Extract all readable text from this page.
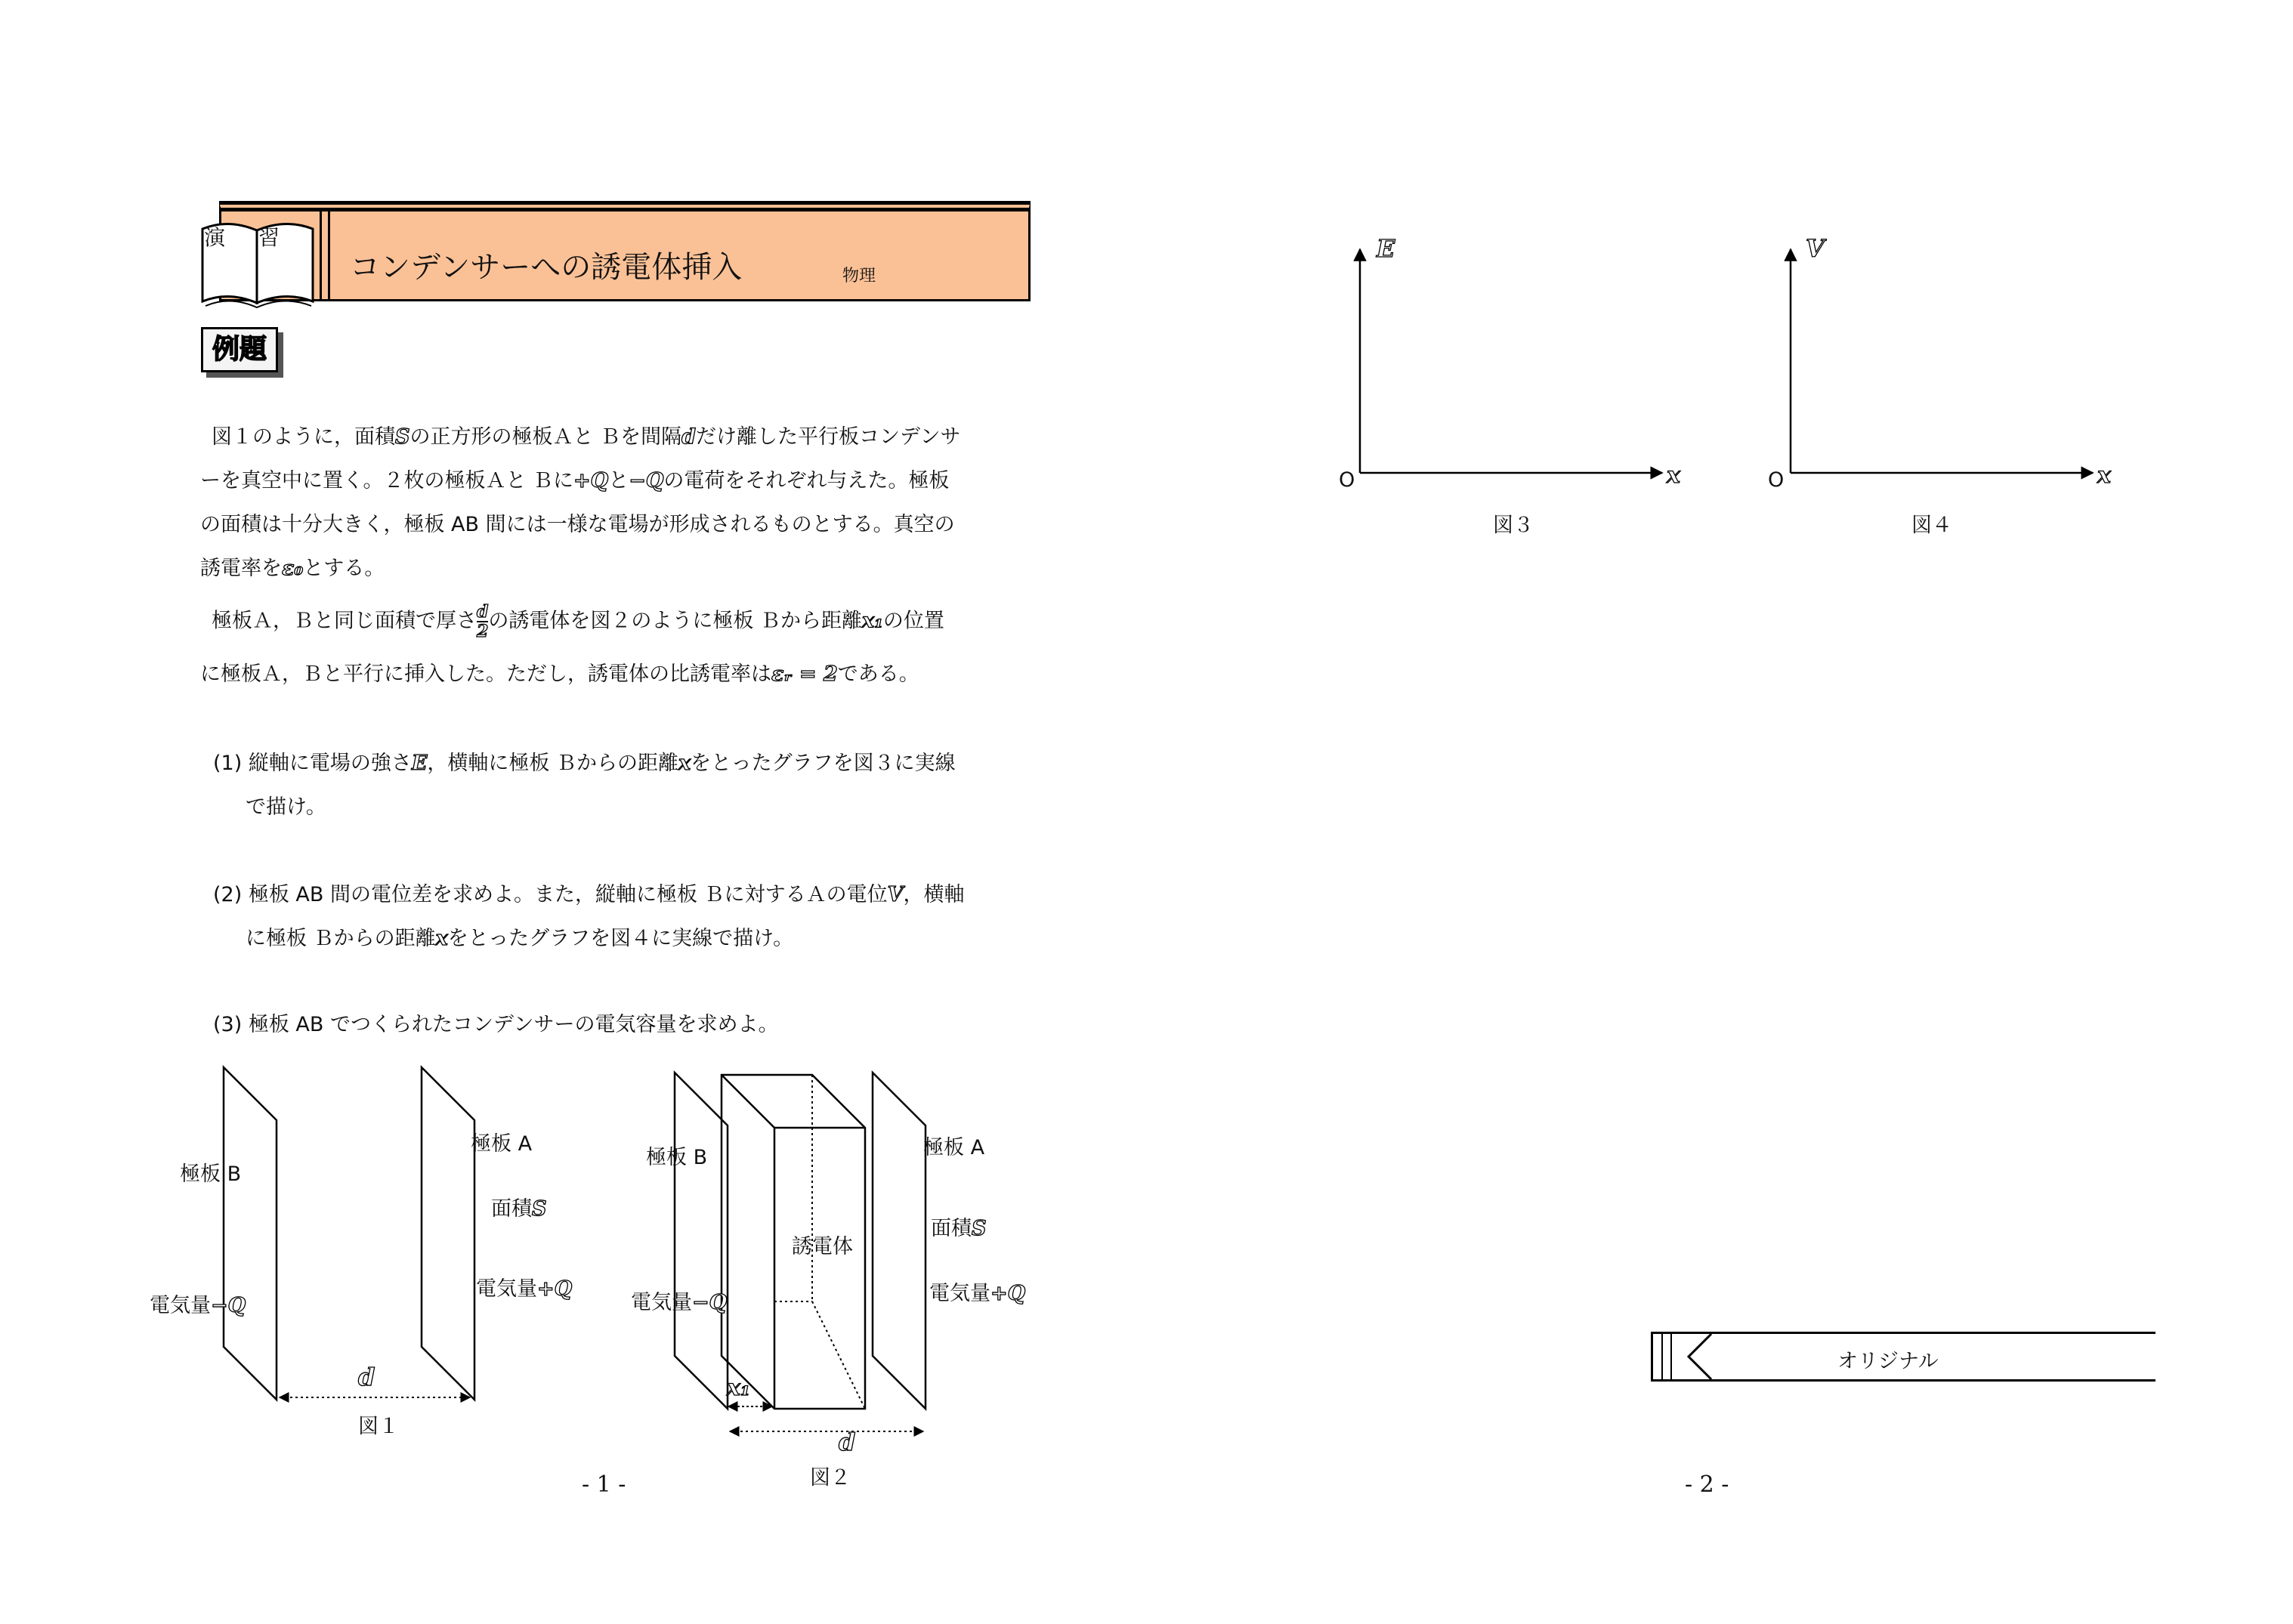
コンデンサーへの誘電体挿入	物理
演 習
例題
図１のように，面積Sの正方形の極板Ａと Ｂを間隔dだけ離した平行板コンデンサ
ーを真空中に置く。２枚の極板Ａと Ｂに+Qと−Qの電荷をそれぞれ与えた。極板
の面積は十分大きく，極板 AB 間には一様な電場が形成されるものとする。真空の
誘電率をε₀とする。
極板Ａ，Ｂと同じ面積で厚さ $\frac{d}{2}$ の誘電体を図２のように極板 Ｂから距離x₁の位置
に極板Ａ，Ｂと平行に挿入した。ただし，誘電体の比誘電率はεᵣ = 2である。
(1) 縦軸に電場の強さE，横軸に極板 Ｂからの距離xをとったグラフを図３に実線
で描け。
(2) 極板 AB 間の電位差を求めよ。また，縦軸に極板 Ｂに対するＡの電位V，横軸
に極板 Ｂからの距離xをとったグラフを図４に実線で描け。
(3) 極板 AB でつくられたコンデンサーの電気容量を求めよ。
極板 B
極板 A
面積S
電気量−Q
電気量+Q
d
図１
極板 B	極板 A
誘電体
面積S
電気量−Q	電気量+Q
x₁
d
図２
E
x
O
図３
V
x
O
図４
オリジナル
- 1 -	- 2 -
